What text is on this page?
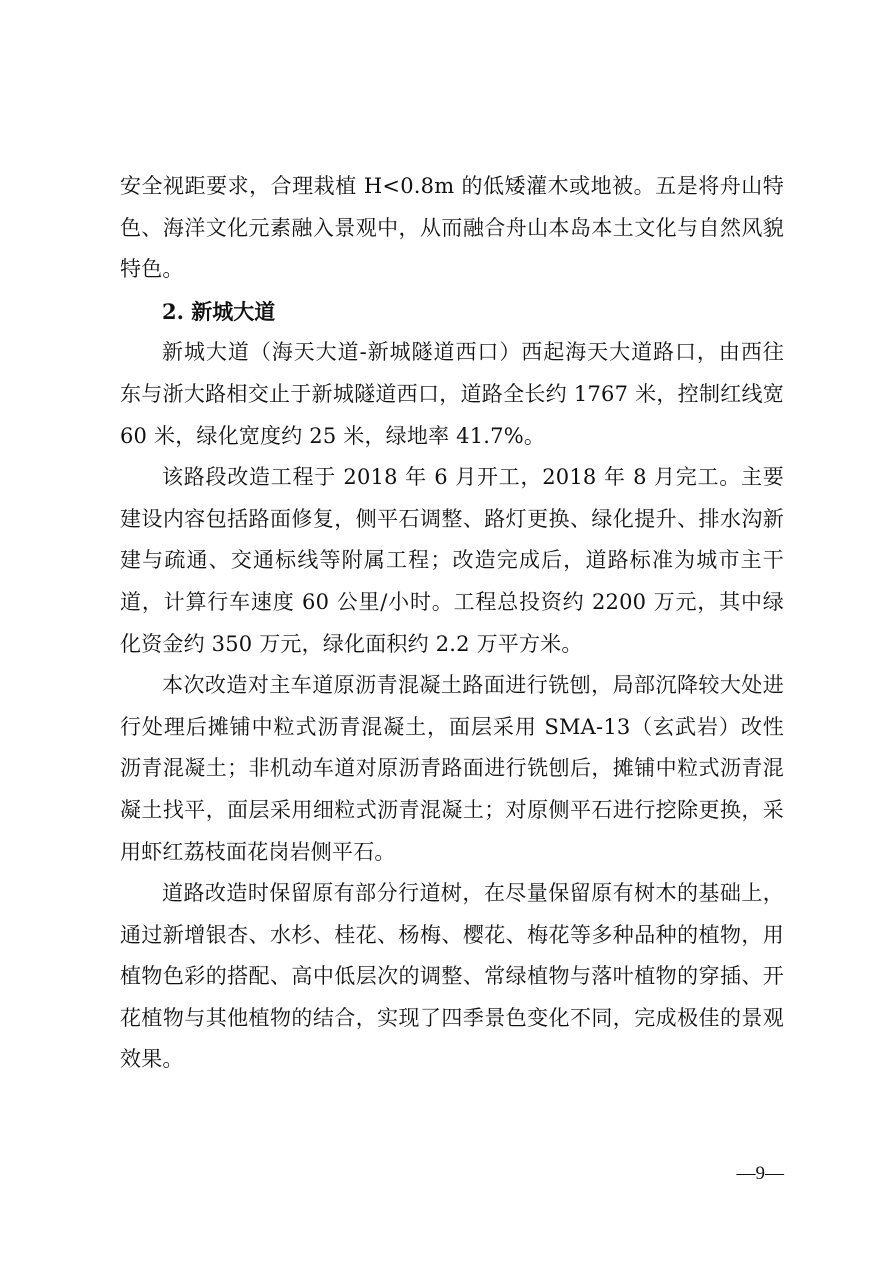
安全视距要求，合理栽植 H<0.8m 的低矮灌木或地被。五是将舟山特色、海洋文化元素融入景观中，从而融合舟山本岛本土文化与自然风貌特色。

2. 新城大道

新城大道（海天大道-新城隧道西口）西起海天大道路口，由西往东与浙大路相交止于新城隧道西口，道路全长约 1767 米，控制红线宽 60 米，绿化宽度约 25 米，绿地率 41.7%。

该路段改造工程于 2018 年 6 月开工，2018 年 8 月完工。主要建设内容包括路面修复，侧平石调整、路灯更换、绿化提升、排水沟新建与疏通、交通标线等附属工程；改造完成后，道路标准为城市主干道，计算行车速度 60 公里/小时。工程总投资约 2200 万元，其中绿化资金约 350 万元，绿化面积约 2.2 万平方米。

本次改造对主车道原沥青混凝土路面进行铣刨，局部沉降较大处进行处理后摊铺中粒式沥青混凝土，面层采用 SMA-13（玄武岩）改性沥青混凝土；非机动车道对原沥青路面进行铣刨后，摊铺中粒式沥青混凝土找平，面层采用细粒式沥青混凝土；对原侧平石进行挖除更换，采用虾红荔枝面花岗岩侧平石。

道路改造时保留原有部分行道树，在尽量保留原有树木的基础上，通过新增银杏、水杉、桂花、杨梅、樱花、梅花等多种品种的植物，用植物色彩的搭配、高中低层次的调整、常绿植物与落叶植物的穿插、开花植物与其他植物的结合，实现了四季景色变化不同，完成极佳的景观效果。

—9—
